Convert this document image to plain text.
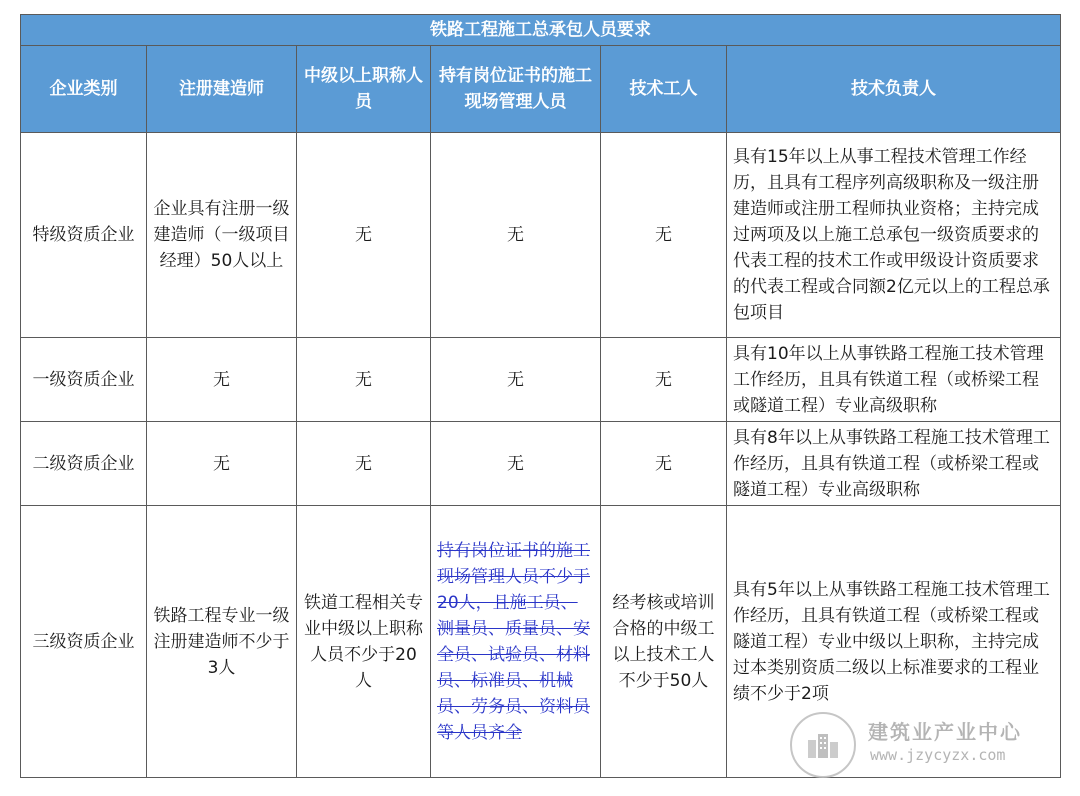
铁路工程施工总承包人员要求					
企业类别	注册建造师	中级以上职称人员	持有岗位证书的施工现场管理人员	技术工人	技术负责人
特级资质企业	企业具有注册一级建造师（一级项目经理）50人以上	无	无	无	具有15年以上从事工程技术管理工作经历，且具有工程序列高级职称及一级注册建造师或注册工程师执业资格；主持完成过两项及以上施工总承包一级资质要求的代表工程的技术工作或甲级设计资质要求的代表工程或合同额2亿元以上的工程总承包项目
一级资质企业	无	无	无	无	具有10年以上从事铁路工程施工技术管理工作经历，且具有铁道工程（或桥梁工程或隧道工程）专业高级职称
二级资质企业	无	无	无	无	具有8年以上从事铁路工程施工技术管理工作经历，且具有铁道工程（或桥梁工程或隧道工程）专业高级职称
三级资质企业	铁路工程专业一级注册建造师不少于3人	铁道工程相关专业中级以上职称人员不少于20人	持有岗位证书的施工现场管理人员不少于20人，且施工员、测量员、质量员、安全员、试验员、材料员、标准员、机械员、劳务员、资料员等人员齐全	经考核或培训合格的中级工以上技术工人不少于50人	具有5年以上从事铁路工程施工技术管理工作经历，且具有铁道工程（或桥梁工程或隧道工程）专业中级以上职称，主持完成过本类别资质二级以上标准要求的工程业绩不少于2项
建筑业产业中心
www.jzycyzx.com
